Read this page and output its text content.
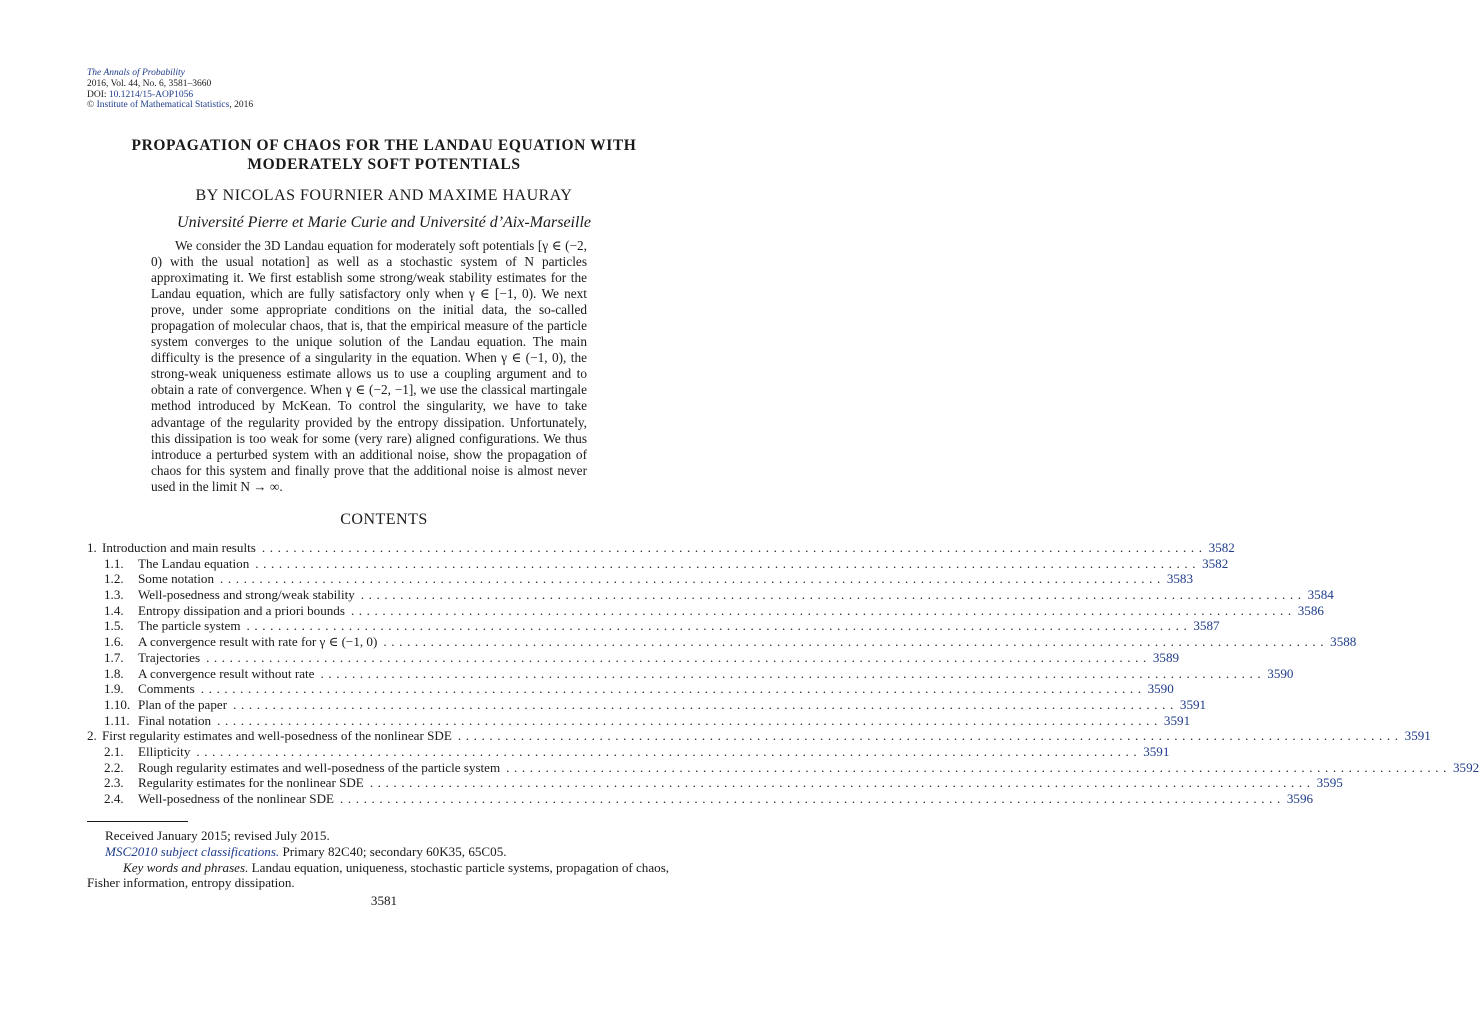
The Annals of Probability
2016, Vol. 44, No. 6, 3581–3660
DOI: 10.1214/15-AOP1056
© Institute of Mathematical Statistics, 2016
PROPAGATION OF CHAOS FOR THE LANDAU EQUATION WITH
MODERATELY SOFT POTENTIALS
BY NICOLAS FOURNIER AND MAXIME HAURAY
Université Pierre et Marie Curie and Université d’Aix-Marseille
We consider the 3D Landau equation for moderately soft potentials [γ ∈ (−2, 0) with the usual notation] as well as a stochastic system of N particles approximating it. We first establish some strong/weak stability estimates for the Landau equation, which are fully satisfactory only when γ ∈ [−1, 0). We next prove, under some appropriate conditions on the initial data, the so-called propagation of molecular chaos, that is, that the empirical measure of the particle system converges to the unique solution of the Landau equation. The main difficulty is the presence of a singularity in the equation. When γ ∈ (−1, 0), the strong-weak uniqueness estimate allows us to use a coupling argument and to obtain a rate of convergence. When γ ∈ (−2, −1], we use the classical martingale method introduced by McKean. To control the singularity, we have to take advantage of the regularity provided by the entropy dissipation. Unfortunately, this dissipation is too weak for some (very rare) aligned configurations. We thus introduce a perturbed system with an additional noise, show the propagation of chaos for this system and finally prove that the additional noise is almost never used in the limit N → ∞.
CONTENTS
1. Introduction and main results ........................................................................................................................ 3582
1.1.	The Landau equation ........................................................................................................................ 3582
1.2.	Some notation ........................................................................................................................ 3583
1.3.	Well-posedness and strong/weak stability ........................................................................................................................ 3584
1.4.	Entropy dissipation and a priori bounds ........................................................................................................................ 3586
1.5.	The particle system ........................................................................................................................ 3587
1.6.	A convergence result with rate for γ ∈ (−1, 0) ........................................................................................................................ 3588
1.7.	Trajectories ........................................................................................................................ 3589
1.8.	A convergence result without rate ........................................................................................................................ 3590
1.9.	Comments ........................................................................................................................ 3590
1.10. Plan of the paper ........................................................................................................................ 3591
1.11. Final notation ........................................................................................................................ 3591
2. First regularity estimates and well-posedness of the nonlinear SDE ........................................................................................................................ 3591
2.1.	Ellipticity ........................................................................................................................ 3591
2.2.	Rough regularity estimates and well-posedness of the particle system ........................................................................................................................ 3592
2.3.	Regularity estimates for the nonlinear SDE ........................................................................................................................ 3595
2.4.	Well-posedness of the nonlinear SDE ........................................................................................................................ 3596
Received January 2015; revised July 2015.
MSC2010 subject classifications. Primary 82C40; secondary 60K35, 65C05.
Key words and phrases. Landau equation, uniqueness, stochastic particle systems, propagation of chaos, Fisher information, entropy dissipation.
3581
